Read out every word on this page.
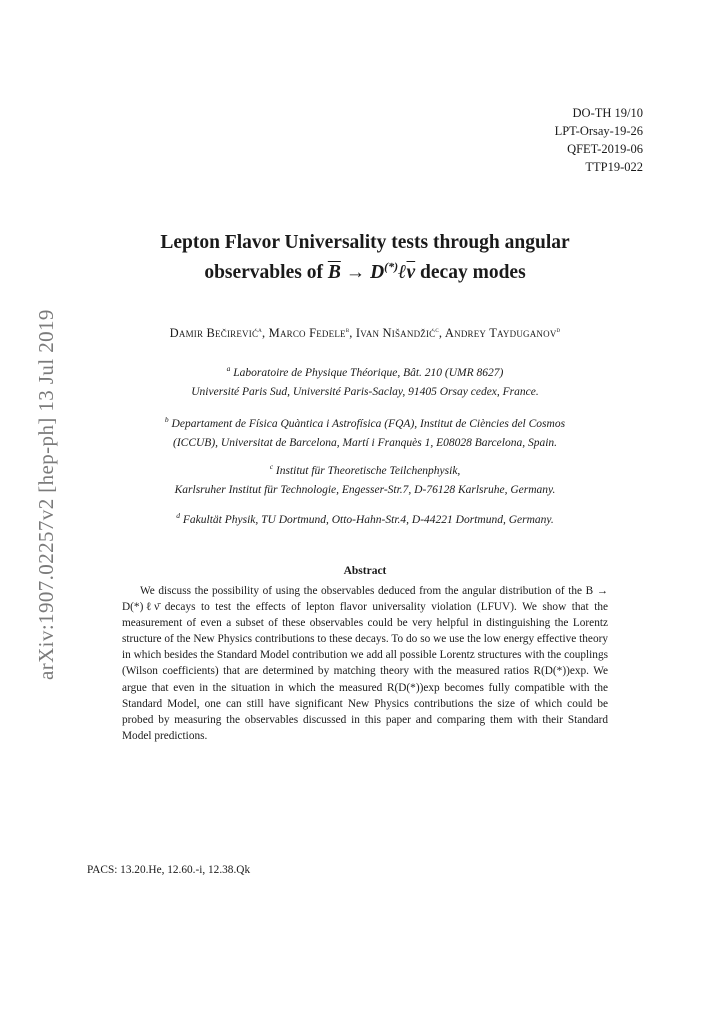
DO-TH 19/10
LPT-Orsay-19-26
QFET-2019-06
TTP19-022
Lepton Flavor Universality tests through angular
observables of $\overline{B}$ → $D^{(*)}\ell\overline{\nu}$ decay modes
Damir Bečirević$^a$, Marco Fedele$^b$, Ivan Nišandžić$^c$, Andrey Tayduganov$^d$
$^a$ Laboratoire de Physique Théorique, Bât. 210 (UMR 8627)
Université Paris Sud, Université Paris-Saclay, 91405 Orsay cedex, France.
$^b$ Departament de Física Quàntica i Astrofísica (FQA), Institut de Ciències del Cosmos
(ICCUB), Universitat de Barcelona, Martí i Franquès 1, E08028 Barcelona, Spain.
$^c$ Institut für Theoretische Teilchenphysik,
Karlsruher Institut für Technologie, Engesser-Str.7, D-76128 Karlsruhe, Germany.
$^d$ Fakultät Physik, TU Dortmund, Otto-Hahn-Str.4, D-44221 Dortmund, Germany.
Abstract
We discuss the possibility of using the observables deduced from the angular distribution of the B → D(*)ℓν̄ decays to test the effects of lepton flavor universality violation (LFUV). We show that the measurement of even a subset of these observables could be very helpful in distinguishing the Lorentz structure of the New Physics contributions to these decays. To do so we use the low energy effective theory in which besides the Standard Model contribution we add all possible Lorentz structures with the couplings (Wilson coefficients) that are determined by matching theory with the measured ratios R(D(*))exp. We argue that even in the situation in which the measured R(D(*))exp becomes fully compatible with the Standard Model, one can still have significant New Physics contributions the size of which could be probed by measuring the observables discussed in this paper and comparing them with their Standard Model predictions.
PACS: 13.20.He, 12.60.-i, 12.38.Qk
arXiv:1907.02257v2 [hep-ph] 13 Jul 2019
